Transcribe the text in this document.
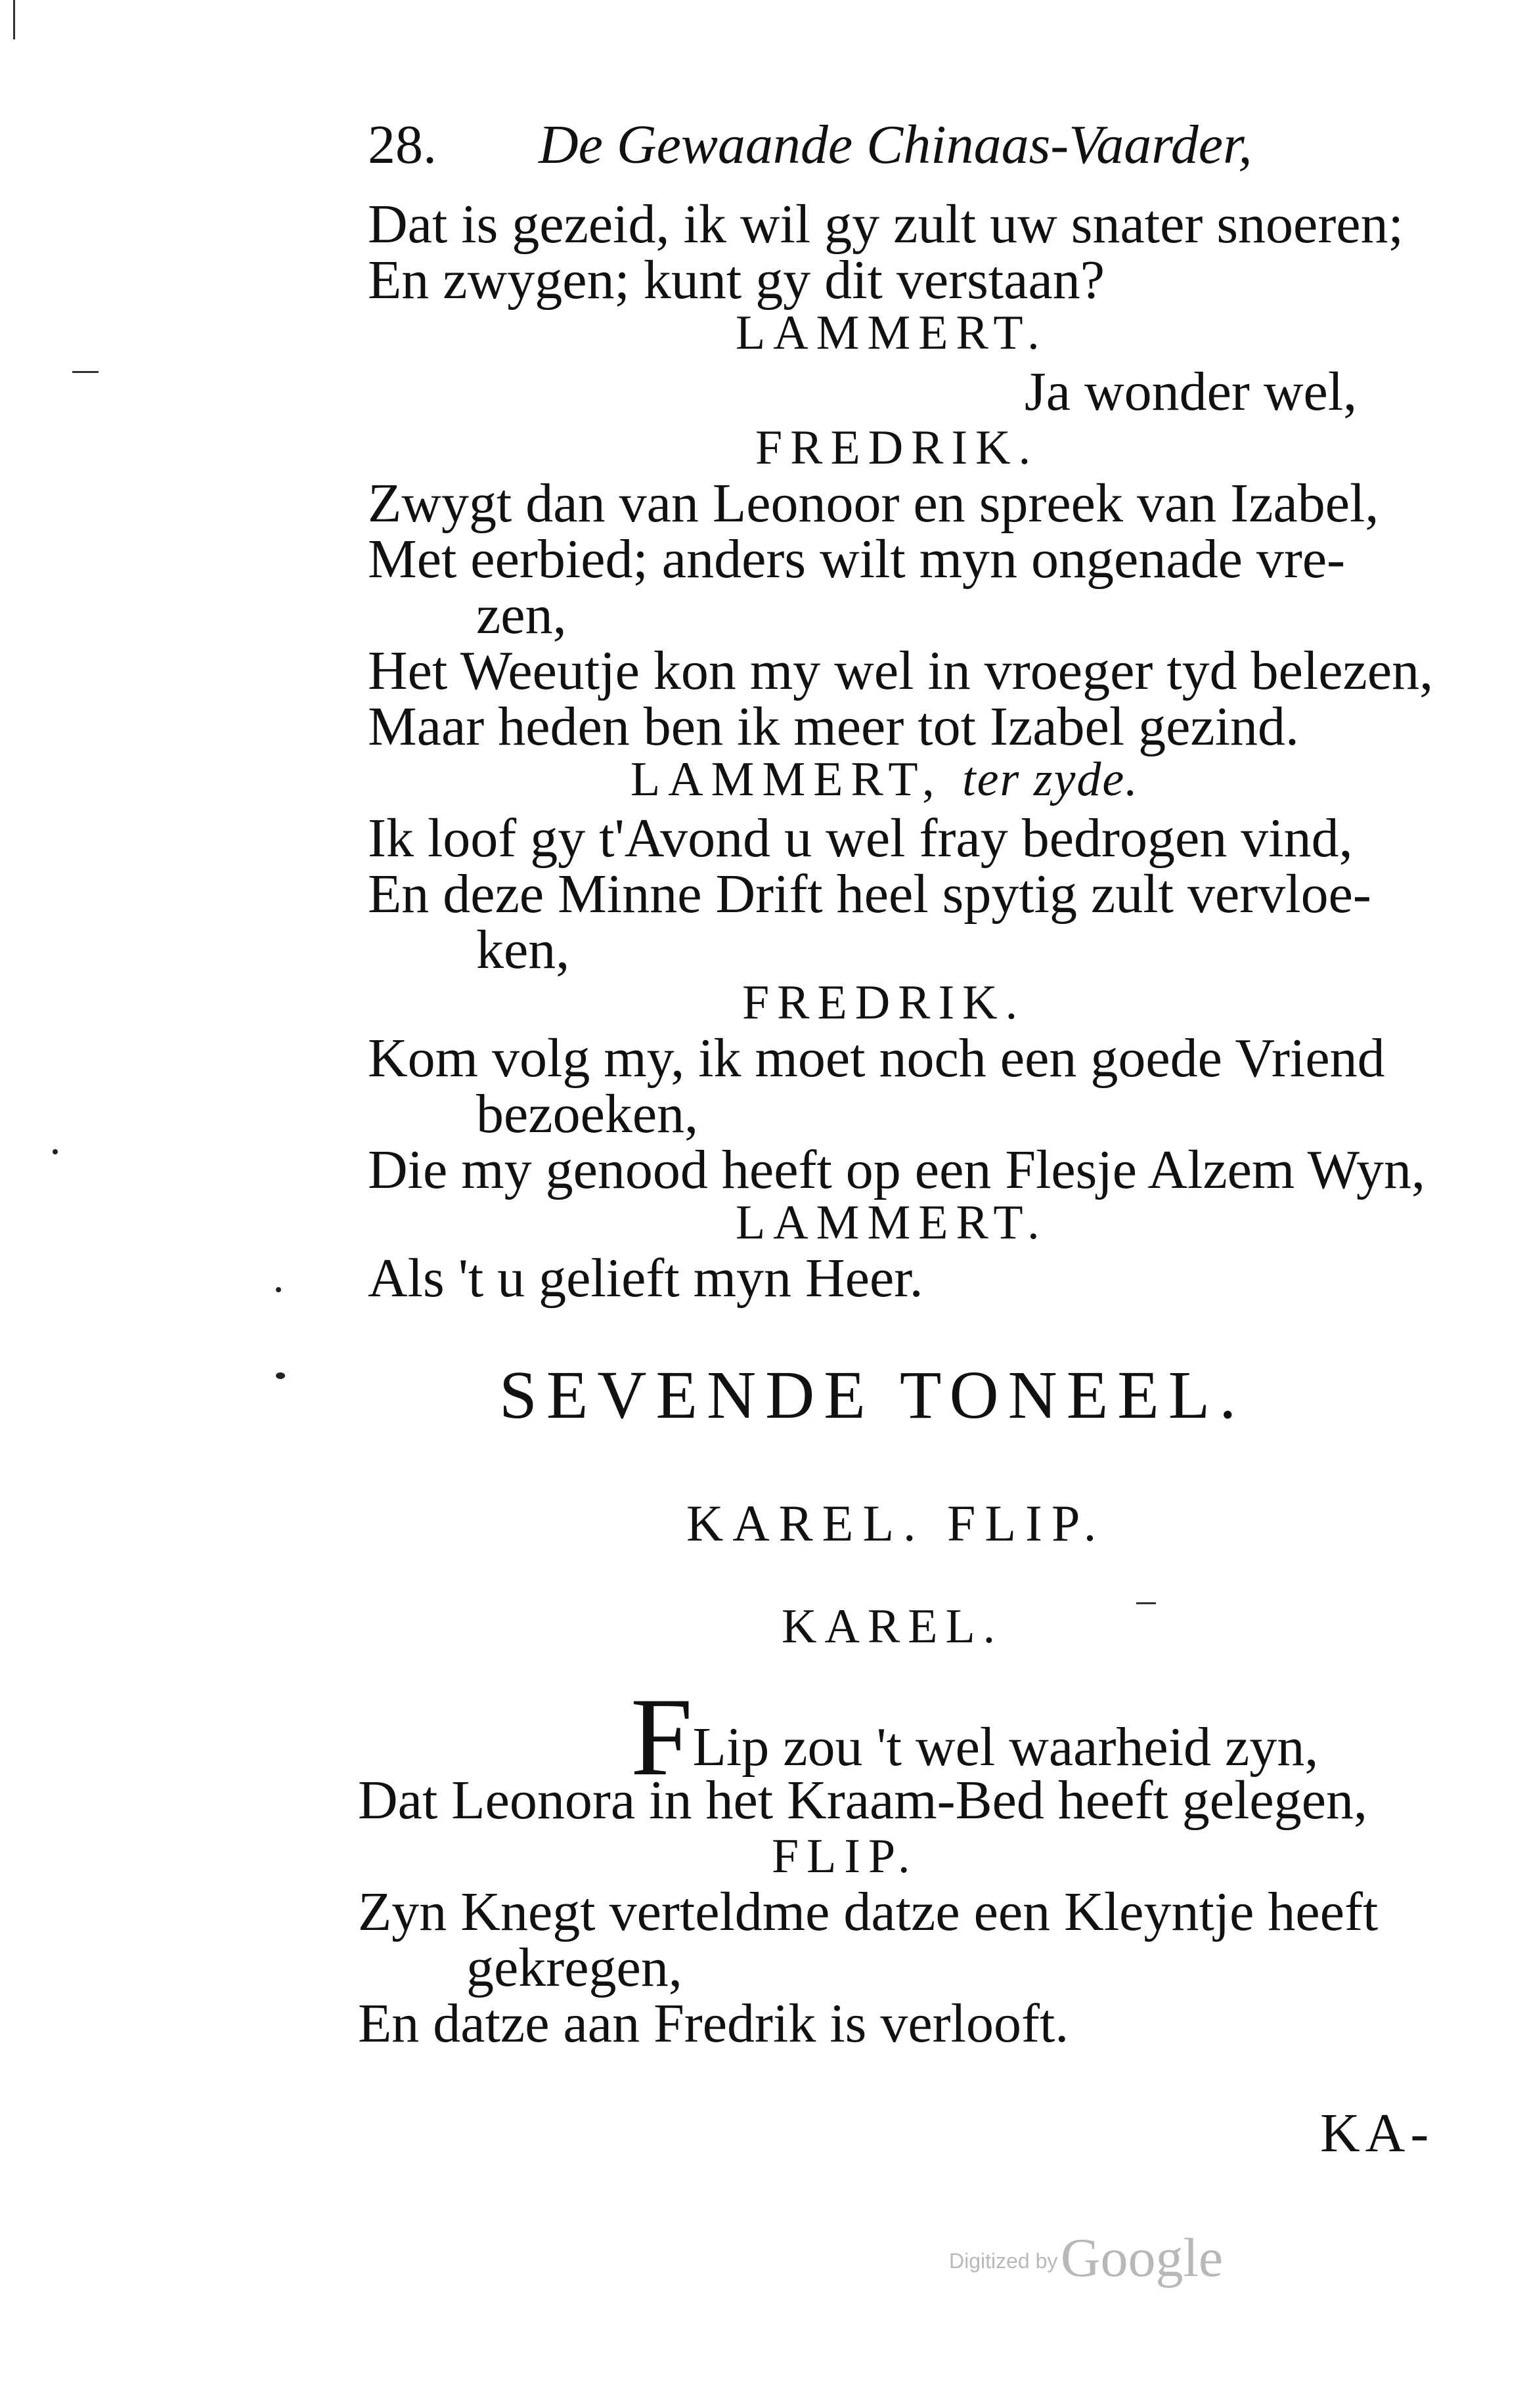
28. De Gewaande Chinaas-Vaarder,
Dat is gezeid, ik wil gy zult uw snater snoeren;
En zwygen; kunt gy dit verstaan?
LAMMERT.
Ja wonder wel,
FREDRIK.
Zwygt dan van Leonoor en spreek van Izabel,
Met eerbied; anders wilt myn ongenade vre-
zen,
Het Weeutje kon my wel in vroeger tyd belezen,
Maar heden ben ik meer tot Izabel gezind.
LAMMERT, ter zyde.
Ik loof gy t'Avond u wel fray bedrogen vind,
En deze Minne Drift heel spytig zult vervloe-
ken,
FREDRIK.
Kom volg my, ik moet noch een goede Vriend
bezoeken,
Die my genood heeft op een Flesje Alzem Wyn,
LAMMERT.
Als 't u gelieft myn Heer.
SEVENDE TONEEL.
KAREL. FLIP.
KAREL.
FLip zou 't wel waarheid zyn,
Dat Leonora in het Kraam-Bed heeft gelegen,
FLIP.
Zyn Knegt verteldme datze een Kleyntje heeft
gekregen,
En datze aan Fredrik is verlooft.
KA-
Digitized by Google
